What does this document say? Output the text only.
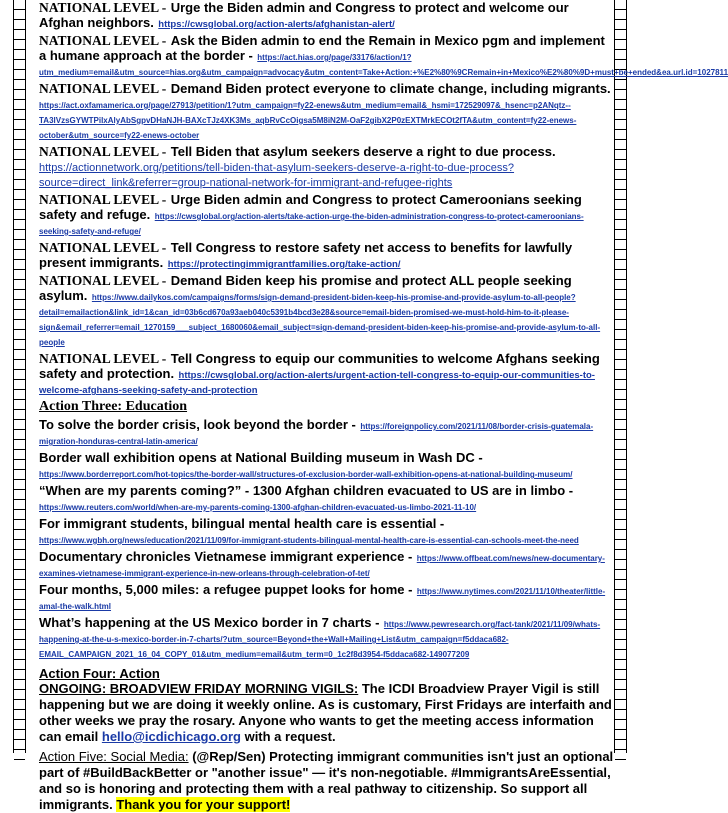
NATIONAL LEVEL - Urge the Biden admin and Congress to protect and welcome our Afghan neighbors. https://cwsglobal.org/action-alerts/afghanistan-alert/
NATIONAL LEVEL - Ask the Biden admin to end the Remain in Mexico pgm and implement a humane approach at the border - https://act.hias.org/page/33176/action/1?utm_medium=email&utm_source=hias.org&utm_campaign=advocacy&utm_content=Take+Action:+%E2%80%9CRemain+in+Mexico%E2%80%9D+must+be+ended&ea.url.id=1027811
NATIONAL LEVEL - Demand Biden protect everyone to climate change, including migrants. https://act.oxfamamerica.org/page/27913/petition/1?utm_campaign=fy22-enews&utm_medium=email&_hsmi=172529097&_hsenc=p2ANqtz--TA3lVzsGYWTPilxAlyAbSgpvDHaNJH-BAXcTJz4XK3Ms_aqbRvCcOigsa5M8iN2M-OaF2gibX2P0zEXTMrkECOt2fTA&utm_content=fy22-enews-october&utm_source=fy22-enews-october
NATIONAL LEVEL - Tell Biden that asylum seekers deserve a right to due process. https://actionnetwork.org/petitions/tell-biden-that-asylum-seekers-deserve-a-right-to-due-process?source=direct_link&referrer=group-national-network-for-immigrant-and-refugee-rights
NATIONAL LEVEL - Urge Biden admin and Congress to protect Cameroonians seeking safety and refuge. https://cwsglobal.org/action-alerts/take-action-urge-the-biden-administration-congress-to-protect-cameroonians-seeking-safety-and-refuge/
NATIONAL LEVEL - Tell Congress to restore safety net access to benefits for lawfully present immigrants. https://protectingimmigrantfamilies.org/take-action/
NATIONAL LEVEL - Demand Biden keep his promise and protect ALL people seeking asylum. https://www.dailykos.com/campaigns/forms/sign-demand-president-biden-keep-his-promise-and-provide-asylum-to-all-people?detail=emailaction&link_id=1&can_id=03b6cd670a93aeb040c5391b4bcd3e28&source=email-biden-promised-we-must-hold-him-to-it-please-sign&email_referrer=email_1270159___subject_1680060&email_subject=sign-demand-president-biden-keep-his-promise-and-provide-asylum-to-all-people
NATIONAL LEVEL - Tell Congress to equip our communities to welcome Afghans seeking safety and protection. https://cwsglobal.org/action-alerts/urgent-action-tell-congress-to-equip-our-communities-to-welcome-afghans-seeking-safety-and-protection
Action Three: Education
To solve the border crisis, look beyond the border - https://foreignpolicy.com/2021/11/08/border-crisis-guatemala-migration-honduras-central-latin-america/
Border wall exhibition opens at National Building museum in Wash DC - https://www.borderreport.com/hot-topics/the-border-wall/structures-of-exclusion-border-wall-exhibition-opens-at-national-building-museum/
“When are my parents coming?” - 1300 Afghan children evacuated to US are in limbo - https://www.reuters.com/world/when-are-my-parents-coming-1300-afghan-children-evacuated-us-limbo-2021-11-10/
For immigrant students, bilingual mental health care is essential - https://www.wgbh.org/news/education/2021/11/09/for-immigrant-students-bilingual-mental-health-care-is-essential-can-schools-meet-the-need
Documentary chronicles Vietnamese immigrant experience - https://www.offbeat.com/news/new-documentary-examines-vietnamese-immigrant-experience-in-new-orleans-through-celebration-of-tet/
Four months, 5,000 miles: a refugee puppet looks for home - https://www.nytimes.com/2021/11/10/theater/little-amal-the-walk.html
What’s happening at the US Mexico border in 7 charts - https://www.pewresearch.org/fact-tank/2021/11/09/whats-happening-at-the-u-s-mexico-border-in-7-charts/?utm_source=Beyond+the+Wall+Mailing+List&utm_campaign=f5ddaca682-EMAIL_CAMPAIGN_2021_16_04_COPY_01&utm_medium=email&utm_term=0_1c2f8d3954-f5ddaca682-149077209
Action Four: Action
ONGOING: BROADVIEW FRIDAY MORNING VIGILS: The ICDI Broadview Prayer Vigil is still happening but we are doing it weekly online. As is customary, First Fridays are interfaith and other weeks we pray the rosary. Anyone who wants to get the meeting access information can email hello@icdichicago.org with a request.
Action Five: Social Media: (@Rep/Sen) Protecting immigrant communities isn't just an optional part of #BuildBackBetter or "another issue" — it's non-negotiable. #ImmigrantsAreEssential, and so is honoring and protecting them with a real pathway to citizenship. So support all immigrants. Thank you for your support!
